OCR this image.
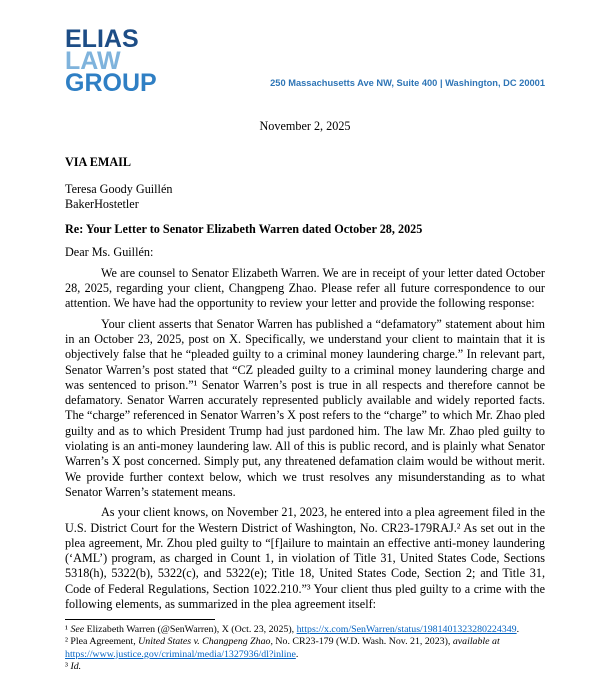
ELIAS
LAW
GROUP	250 Massachusetts Ave NW, Suite 400 | Washington, DC 20001
November 2, 2025
VIA EMAIL
Teresa Goody Guillén
BakerHostetler
Re: Your Letter to Senator Elizabeth Warren dated October 28, 2025
Dear Ms. Guillén:

We are counsel to Senator Elizabeth Warren. We are in receipt of your letter dated October 28, 2025, regarding your client, Changpeng Zhao. Please refer all future correspondence to our attention. We have had the opportunity to review your letter and provide the following response:

Your client asserts that Senator Warren has published a “defamatory” statement about him in an October 23, 2025, post on X. Specifically, we understand your client to maintain that it is objectively false that he “pleaded guilty to a criminal money laundering charge.” In relevant part, Senator Warren’s post stated that “CZ pleaded guilty to a criminal money laundering charge and was sentenced to prison.”¹ Senator Warren’s post is true in all respects and therefore cannot be defamatory. Senator Warren accurately represented publicly available and widely reported facts. The “charge” referenced in Senator Warren’s X post refers to the “charge” to which Mr. Zhao pled guilty and as to which President Trump had just pardoned him. The law Mr. Zhao pled guilty to violating is an anti-money laundering law. All of this is public record, and is plainly what Senator Warren’s X post concerned. Simply put, any threatened defamation claim would be without merit. We provide further context below, which we trust resolves any misunderstanding as to what Senator Warren’s statement means.

As your client knows, on November 21, 2023, he entered into a plea agreement filed in the U.S. District Court for the Western District of Washington, No. CR23-179RAJ.² As set out in the plea agreement, Mr. Zhou pled guilty to “[f]ailure to maintain an effective anti-money laundering (‘AML’) program, as charged in Count 1, in violation of Title 31, United States Code, Sections 5318(h), 5322(b), 5322(c), and 5322(e); Title 18, United States Code, Section 2; and Title 31, Code of Federal Regulations, Section 1022.210.”³ Your client thus pled guilty to a crime with the following elements, as summarized in the plea agreement itself:

¹ See Elizabeth Warren (@SenWarren), X (Oct. 23, 2025), https://x.com/SenWarren/status/1981401323280224349.

² Plea Agreement, United States v. Changpeng Zhao, No. CR23-179 (W.D. Wash. Nov. 21, 2023), available at https://www.justice.gov/criminal/media/1327936/dl?inline.

³ Id.
